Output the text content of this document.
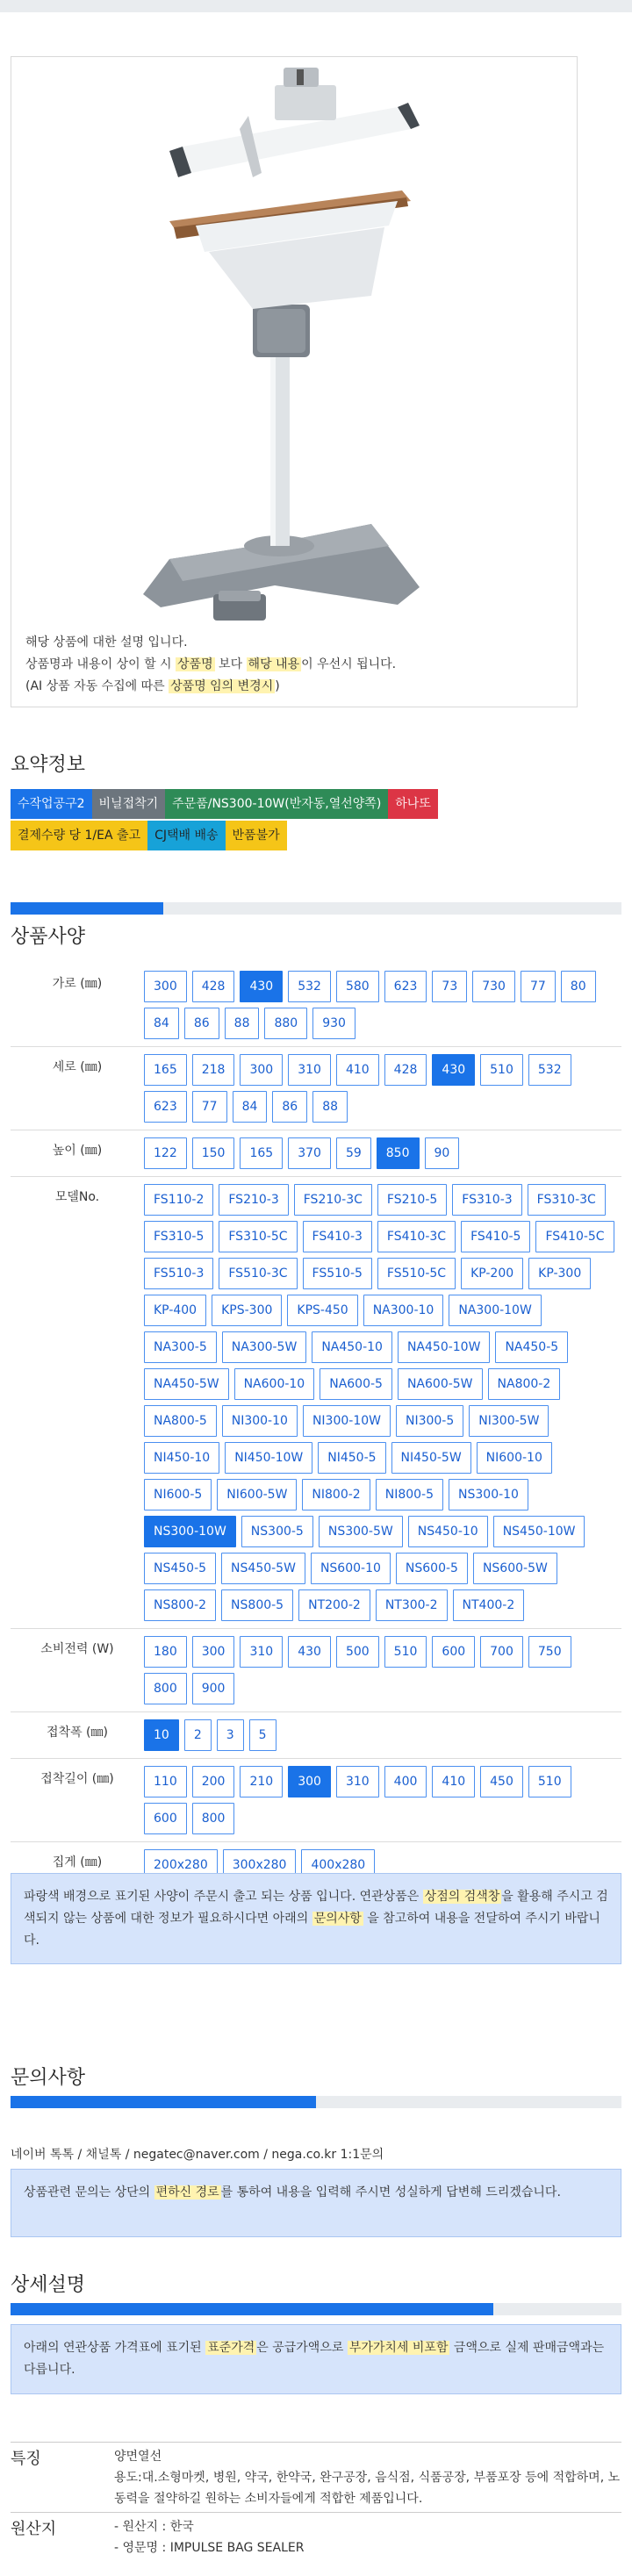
해당 상품에 대한 설명 입니다.
상품명과 내용이 상이 할 시 상품명 보다 해당 내용 이 우선시 됩니다.
(AI 상품 자동 수집에 따른 상품명 임의 변경시 )
요약정보
수작업공구2	비닐접착기	주문품/NS300-10W(반자동,열선양쪽)	하나또
결제수량 당 1/EA 출고	CJ택배 배송	반품불가
상품사양
가로 (㎜)	300	428	430	532	580	623	73	730	77	80
84	86	88	880	930
세로 (㎜)	165	218	300	310	410	428	430	510	532
623	77	84	86	88
높이 (㎜)	122	150	165	370	59	850	90
모델No.	FS110-2	FS210-3	FS210-3C	FS210-5	FS310-3	FS310-3C
FS310-5	FS310-5C	FS410-3	FS410-3C	FS410-5	FS410-5C
FS510-3	FS510-3C	FS510-5	FS510-5C	KP-200	KP-300
KP-400	KPS-300	KPS-450	NA300-10	NA300-10W
NA300-5	NA300-5W	NA450-10	NA450-10W	NA450-5
NA450-5W	NA600-10	NA600-5	NA600-5W	NA800-2
NA800-5	NI300-10	NI300-10W	NI300-5	NI300-5W
NI450-10	NI450-10W	NI450-5	NI450-5W	NI600-10
NI600-5	NI600-5W	NI800-2	NI800-5	NS300-10
NS300-10W	NS300-5	NS300-5W	NS450-10	NS450-10W
NS450-5	NS450-5W	NS600-10	NS600-5	NS600-5W
NS800-2	NS800-5	NT200-2	NT300-2	NT400-2
소비전력 (W)	180	300	310	430	500	510	600	700	750
800	900
접착폭 (㎜)	10	2	3	5
접착길이 (㎜)	110	200	210	300	310	400	410	450	510
600	800
집게 (㎜)	200x280	300x280	400x280
파랑색 배경으로 표기된 사양이 주문시 출고 되는 상품 입니다. 연관상품은 상점의 검색창 을 활용해 주시고 검색되지 않는 상품에 대한 정보가 필요하시다면 아래의 문의사항 을 참고하여 내용을 전달하여 주시기 바랍니다.
문의사항
네이버 톡톡 / 채널톡 / negatec@naver.com / nega.co.kr 1:1문의
상품관련 문의는 상단의 편하신 경로 를 통하여 내용을 입력해 주시면 성실하게 답변해 드리겠습니다.
상세설명
아래의 연관상품 가격표에 표기된 표준가격 은 공급가액으로 부가가치세 비포함 금액으로 실제 판매금액과는 다릅니다.
특징	양면열선
용도:대.소형마켓, 병원, 약국, 한약국, 완구공장, 음식점, 식품공장, 부품포장 등에 적합하며, 노동력을 절약하길 원하는 소비자들에게 적합한 제품입니다.
원산지	- 원산지 : 한국
- 영문명 : IMPULSE BAG SEALER
